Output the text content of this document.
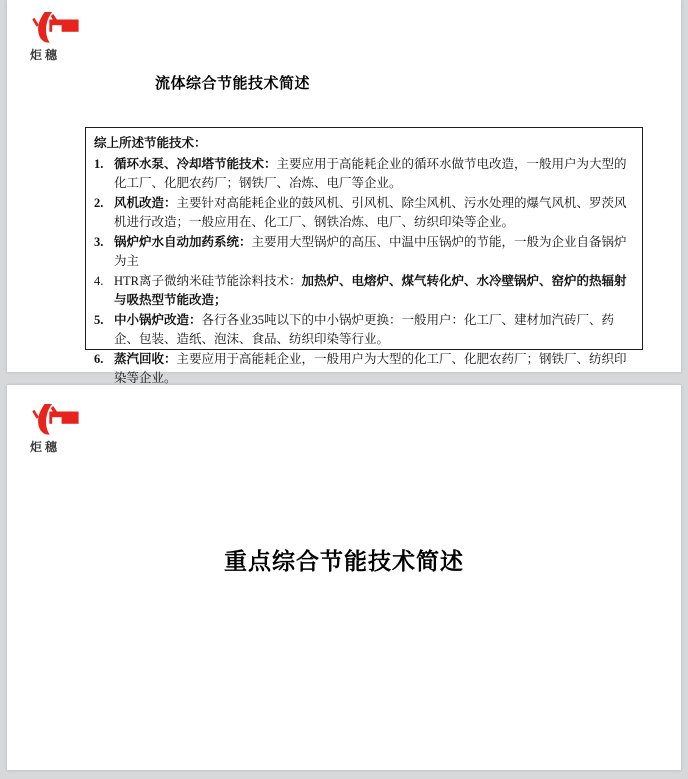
炬穗
流体综合节能技术简述
综上所述节能技术：
1. 循环水泵、冷却塔节能技术：主要应用于高能耗企业的循环水做节电改造，一般用户为大型的化工厂、化肥农药厂；钢铁厂、冶炼、电厂等企业。
2. 风机改造：主要针对高能耗企业的鼓风机、引风机、除尘风机、污水处理的爆气风机、罗茨风机进行改造；一般应用在、化工厂、钢铁冶炼、电厂、纺织印染等企业。
3. 锅炉炉水自动加药系统：主要用大型锅炉的高压、中温中压锅炉的节能，一般为企业自备锅炉为主
4. HTR离子微纳米硅节能涂料技术：加热炉、电熔炉、煤气转化炉、水冷壁锅炉、窑炉的热辐射与吸热型节能改造；
5. 中小锅炉改造：各行各业35吨以下的中小锅炉更换：一般用户：化工厂、建材加汽砖厂、药企、包装、造纸、泡沫、食品、纺织印染等行业。
6. 蒸汽回收：主要应用于高能耗企业，一般用户为大型的化工厂、化肥农药厂；钢铁厂、纺织印染等企业。
炬穗
重点综合节能技术简述
